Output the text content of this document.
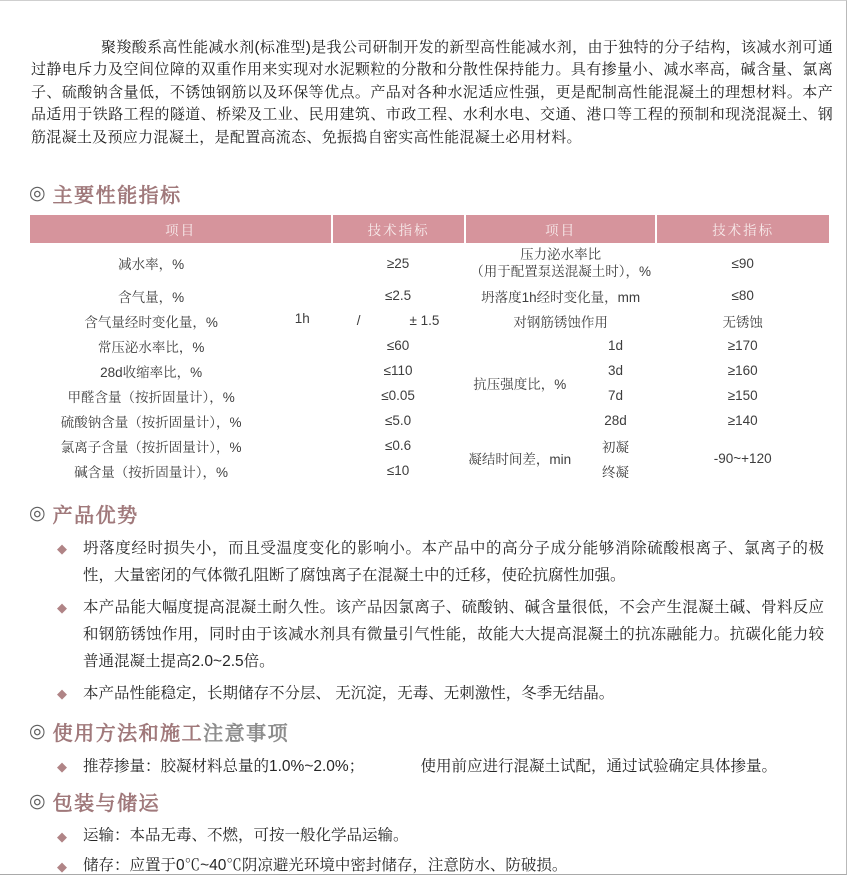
聚羧酸系高性能减水剂(标准型)是我公司研制开发的新型高性能减水剂，由于独特的分子结构，该减水剂可通过静电斥力及空间位障的双重作用来实现对水泥颗粒的分散和分散性保持能力。具有掺量小、减水率高，碱含量、氯离子、硫酸钠含量低，不锈蚀钢筋以及环保等优点。产品对各种水泥适应性强，更是配制高性能混凝土的理想材料。本产品适用于铁路工程的隧道、桥梁及工业、民用建筑、市政工程、水利水电、交通、港口等工程的预制和现浇混凝土、钢筋混凝土及预应力混凝土，是配置高流态、免振捣自密实高性能混凝土必用材料。

◎ 主要性能指标
项目	技术指标

减水率，%	≥25

含气量，%	≤2.5

含气量经时变化量，% 1h	/ ± 1.5

常压泌水率比，%	≤60

28d收缩率比，%	≤110

甲醛含量（按折固量计），%	≤0.05

硫酸钠含量（按折固量计），%	≤5.0

氯离子含量（按折固量计），%	≤0.6

碱含量（按折固量计），%	≤10
项目		技术指标

压力泌水率比
（用于配置泵送混凝土时），%		≤90
坍落度1h经时变化量，mm		≤80
对钢筋锈蚀作用		无锈蚀
抗压强度比，%	1d	≥170
	3d	≥160
	7d	≥150
	28d	≥140
凝结时间差，min	初凝	-90~+120
	终凝	
◎ 产品优势
◆ 坍落度经时损失小，而且受温度变化的影响小。本产品中的高分子成分能够消除硫酸根离子、氯离子的极性，大量密闭的气体微孔阻断了腐蚀离子在混凝土中的迁移，使砼抗腐性加强。
◆ 本产品能大幅度提高混凝土耐久性。该产品因氯离子、硫酸钠、碱含量很低，不会产生混凝土碱、骨料反应和钢筋锈蚀作用，同时由于该减水剂具有微量引气性能，故能大大提高混凝土的抗冻融能力。抗碳化能力较普通混凝土提高2.0~2.5倍。
◆ 本产品性能稳定，长期储存不分层、 无沉淀，无毒、无刺激性，冬季无结晶。
◎ 使用方法和施工 注意事项
◆ 推荐掺量：胶凝材料总量的1.0%~2.0%；	使用前应进行混凝土试配，通过试验确定具体掺量。
◎ 包装与储运
◆ 运输：本品无毒、不燃，可按一般化学品运输。
◆ 储存：应置于0℃~40℃阴凉避光环境中密封储存，注意防水、防破损。
